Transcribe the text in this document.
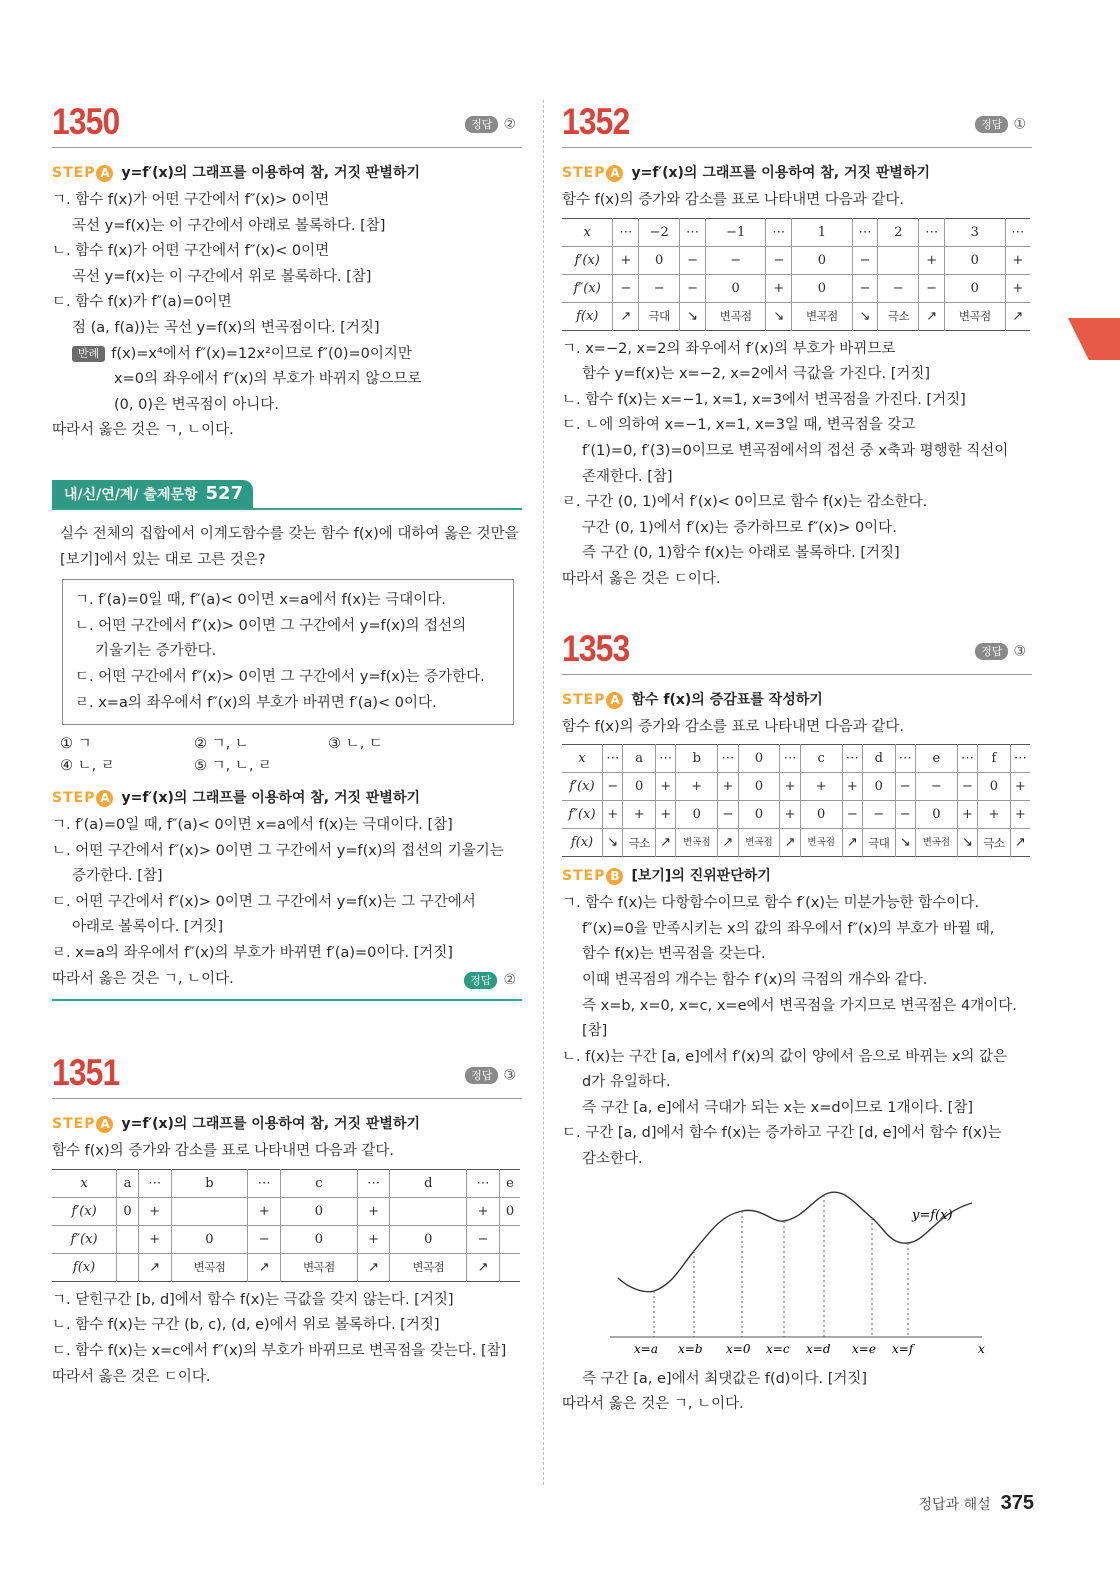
1350	정답 ②
STEP A y=f′(x)의 그래프를 이용하여 참, 거짓 판별하기
ㄱ. 함수 f(x)가 어떤 구간에서 f″(x)> 0이면
곡선 y=f(x)는 이 구간에서 아래로 볼록하다. [참]
ㄴ. 함수 f(x)가 어떤 구간에서 f″(x)< 0이면
곡선 y=f(x)는 이 구간에서 위로 볼록하다. [참]
ㄷ. 함수 f(x)가 f″(a)=0이면
점 (a, f(a))는 곡선 y=f(x)의 변곡점이다. [거짓]
반례 f(x)=x⁴에서 f″(x)=12x²이므로 f″(0)=0이지만
x=0의 좌우에서 f″(x)의 부호가 바뀌지 않으므로
(0, 0)은 변곡점이 아니다.
따라서 옳은 것은 ㄱ, ㄴ이다.
내/신/연/계/ 출제문항 527
실수 전체의 집합에서 이계도함수를 갖는 함수 f(x)에 대하여 옳은 것만을
[보기]에서 있는 대로 고른 것은?
ㄱ. f′(a)=0일 때, f″(a)< 0이면 x=a에서 f(x)는 극대이다.
ㄴ. 어떤 구간에서 f″(x)> 0이면 그 구간에서 y=f(x)의 접선의
기울기는 증가한다.
ㄷ. 어떤 구간에서 f″(x)> 0이면 그 구간에서 y=f(x)는 증가한다.
ㄹ. x=a의 좌우에서 f″(x)의 부호가 바뀌면 f′(a)< 0이다.
① ㄱ	② ㄱ, ㄴ	③ ㄴ, ㄷ
④ ㄴ, ㄹ	⑤ ㄱ, ㄴ, ㄹ
STEP A y=f′(x)의 그래프를 이용하여 참, 거짓 판별하기
ㄱ. f′(a)=0일 때, f″(a)< 0이면 x=a에서 f(x)는 극대이다. [참]
ㄴ. 어떤 구간에서 f″(x)> 0이면 그 구간에서 y=f(x)의 접선의 기울기는
증가한다. [참]
ㄷ. 어떤 구간에서 f″(x)> 0이면 그 구간에서 y=f(x)는 그 구간에서
아래로 볼록이다. [거짓]
ㄹ. x=a의 좌우에서 f″(x)의 부호가 바뀌면 f′(a)=0이다. [거짓]
따라서 옳은 것은 ㄱ, ㄴ이다.	정답 ②
1351	정답 ③
STEP A y=f′(x)의 그래프를 이용하여 참, 거짓 판별하기
함수 f(x)의 증가와 감소를 표로 나타내면 다음과 같다.
x	a	⋯	b	⋯	c	⋯	d	⋯	e
f′(x)	0	+		+	0	+		+	0
f″(x)		+	0	−	0	+	0	−	
f(x)		↗	변곡점	↗	변곡점	↗	변곡점	↗	
ㄱ. 닫힌구간 [b, d]에서 함수 f(x)는 극값을 갖지 않는다. [거짓]
ㄴ. 함수 f(x)는 구간 (b, c), (d, e)에서 위로 볼록하다. [거짓]
ㄷ. 함수 f(x)는 x=c에서 f″(x)의 부호가 바뀌므로 변곡점을 갖는다. [참]
따라서 옳은 것은 ㄷ이다.
1352	정답 ①
STEP A y=f′(x)의 그래프를 이용하여 참, 거짓 판별하기
함수 f(x)의 증가와 감소를 표로 나타내면 다음과 같다.
x	⋯	−2	⋯	−1	⋯	1	⋯	2	⋯	3	⋯
f′(x)	+	0	−	−	−	0	−		+	0	+
f″(x)	−	−	−	0	+	0	−	−	−	0	+
f(x)	↗	극대	↘	변곡점	↘	변곡점	↘	극소	↗	변곡점	↗
ㄱ. x=−2, x=2의 좌우에서 f′(x)의 부호가 바뀌므로
함수 y=f(x)는 x=−2, x=2에서 극값을 가진다. [거짓]
ㄴ. 함수 f(x)는 x=−1, x=1, x=3에서 변곡점을 가진다. [거짓]
ㄷ. ㄴ에 의하여 x=−1, x=1, x=3일 때, 변곡점을 갖고
f′(1)=0, f′(3)=0이므로 변곡점에서의 접선 중 x축과 평행한 직선이
존재한다. [참]
ㄹ. 구간 (0, 1)에서 f′(x)< 0이므로 함수 f(x)는 감소한다.
구간 (0, 1)에서 f′(x)는 증가하므로 f″(x)> 0이다.
즉 구간 (0, 1)함수 f(x)는 아래로 볼록하다. [거짓]
따라서 옳은 것은 ㄷ이다.
1353	정답 ③
STEP A 함수 f(x)의 증감표를 작성하기
함수 f(x)의 증가와 감소를 표로 나타내면 다음과 같다.
x	⋯	a	⋯	b	⋯	0	⋯	c	⋯	d	⋯	e	⋯	f	⋯
f′(x)	−	0	+	+	+	0	+	+	+	0	−	−	−	0	+
f″(x)	+	+	+	0	−	0	+	0	−	−	−	0	+	+	+
f(x)	↘	극소	↗	변곡점	↗	변곡점	↗	변곡점	↗	극대	↘	변곡점	↘	극소	↗
STEP B [보기]의 진위판단하기
ㄱ. 함수 f(x)는 다항함수이므로 함수 f′(x)는 미분가능한 함수이다.
f″(x)=0을 만족시키는 x의 값의 좌우에서 f″(x)의 부호가 바뀔 때,
함수 f(x)는 변곡점을 갖는다.
이때 변곡점의 개수는 함수 f′(x)의 극점의 개수와 같다.
즉 x=b, x=0, x=c, x=e에서 변곡점을 가지므로 변곡점은 4개이다.
[참]
ㄴ. f(x)는 구간 [a, e]에서 f′(x)의 값이 양에서 음으로 바뀌는 x의 값은
d가 유일하다.
즉 구간 [a, e]에서 극대가 되는 x는 x=d이므로 1개이다. [참]
ㄷ. 구간 [a, d]에서 함수 f(x)는 증가하고 구간 [d, e]에서 함수 f(x)는
감소한다.
y=f(x)
x=a x=b x=0 x=c x=d x=e x=f	x
즉 구간 [a, e]에서 최댓값은 f(d)이다. [거짓]
따라서 옳은 것은 ㄱ, ㄴ이다.
정답과 해설 375
